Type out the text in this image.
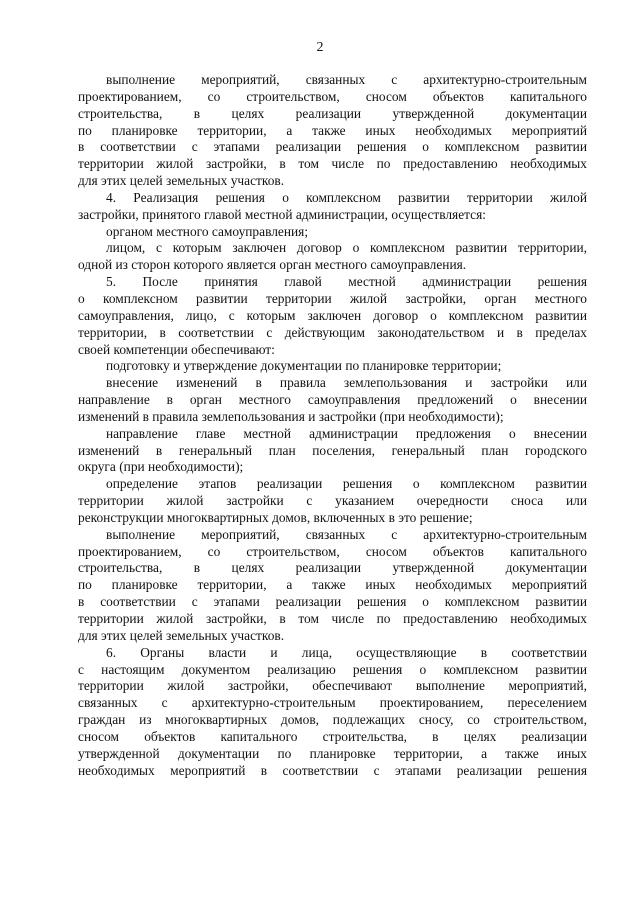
2

выполнение мероприятий, связанных с архитектурно-строительным
проектированием, со строительством, сносом объектов капитального
строительства, в целях реализации утвержденной документации
по планировке территории, а также иных необходимых мероприятий
в соответствии с этапами реализации решения о комплексном развитии
территории жилой застройки, в том числе по предоставлению необходимых
для этих целей земельных участков.

4. Реализация решения о комплексном развитии территории жилой
застройки, принятого главой местной администрации, осуществляется:

органом местного самоуправления;

лицом, с которым заключен договор о комплексном развитии территории,
одной из сторон которого является орган местного самоуправления.

5. После принятия главой местной администрации решения
о комплексном развитии территории жилой застройки, орган местного
самоуправления, лицо, с которым заключен договор о комплексном развитии
территории, в соответствии с действующим законодательством и в пределах
своей компетенции обеспечивают:

подготовку и утверждение документации по планировке территории;

внесение изменений в правила землепользования и застройки или
направление в орган местного самоуправления предложений о внесении
изменений в правила землепользования и застройки (при необходимости);

направление главе местной администрации предложения о внесении
изменений в генеральный план поселения, генеральный план городского
округа (при необходимости);

определение этапов реализации решения о комплексном развитии
территории жилой застройки с указанием очередности сноса или
реконструкции многоквартирных домов, включенных в это решение;

выполнение мероприятий, связанных с архитектурно-строительным
проектированием, со строительством, сносом объектов капитального
строительства, в целях реализации утвержденной документации
по планировке территории, а также иных необходимых мероприятий
в соответствии с этапами реализации решения о комплексном развитии
территории жилой застройки, в том числе по предоставлению необходимых
для этих целей земельных участков.

6. Органы власти и лица, осуществляющие в соответствии
с настоящим документом реализацию решения о комплексном развитии
территории жилой застройки, обеспечивают выполнение мероприятий,
связанных с архитектурно-строительным проектированием, переселением
граждан из многоквартирных домов, подлежащих сносу, со строительством,
сносом объектов капитального строительства, в целях реализации
утвержденной документации по планировке территории, а также иных
необходимых мероприятий в соответствии с этапами реализации решения
